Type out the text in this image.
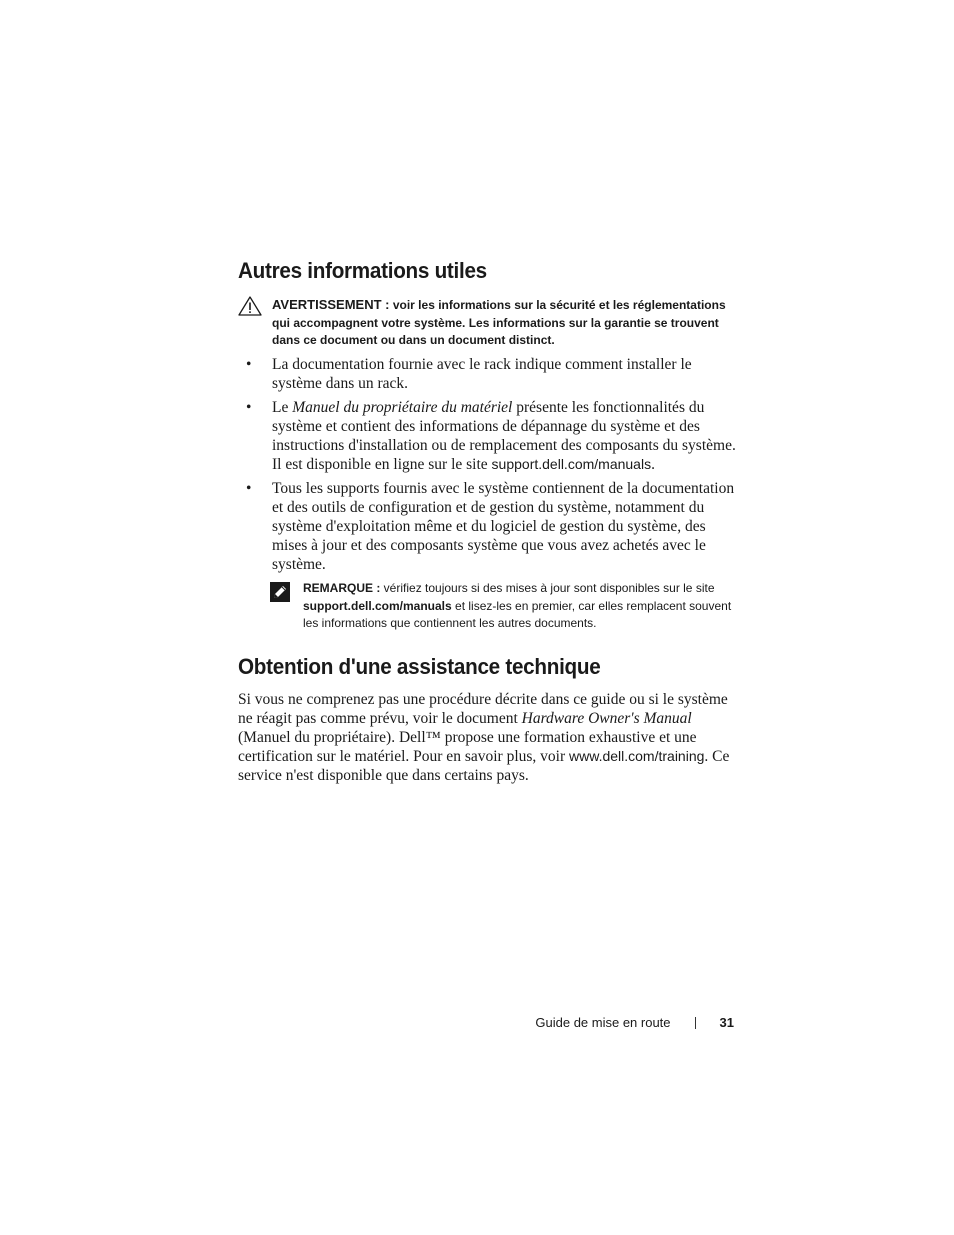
Autres informations utiles
AVERTISSEMENT : voir les informations sur la sécurité et les réglementations qui accompagnent votre système. Les informations sur la garantie se trouvent dans ce document ou dans un document distinct.
• La documentation fournie avec le rack indique comment installer le système dans un rack.
• Le Manuel du propriétaire du matériel présente les fonctionnalités du système et contient des informations de dépannage du système et des instructions d'installation ou de remplacement des composants du système. Il est disponible en ligne sur le site support.dell.com/manuals.
• Tous les supports fournis avec le système contiennent de la documentation et des outils de configuration et de gestion du système, notamment du système d'exploitation même et du logiciel de gestion du système, des mises à jour et des composants système que vous avez achetés avec le système.
REMARQUE : vérifiez toujours si des mises à jour sont disponibles sur le site support.dell.com/manuals et lisez-les en premier, car elles remplacent souvent les informations que contiennent les autres documents.
Obtention d'une assistance technique
Si vous ne comprenez pas une procédure décrite dans ce guide ou si le système ne réagit pas comme prévu, voir le document Hardware Owner's Manual (Manuel du propriétaire). Dell™ propose une formation exhaustive et une certification sur le matériel. Pour en savoir plus, voir www.dell.com/training. Ce service n'est disponible que dans certains pays.
Guide de mise en route	31
